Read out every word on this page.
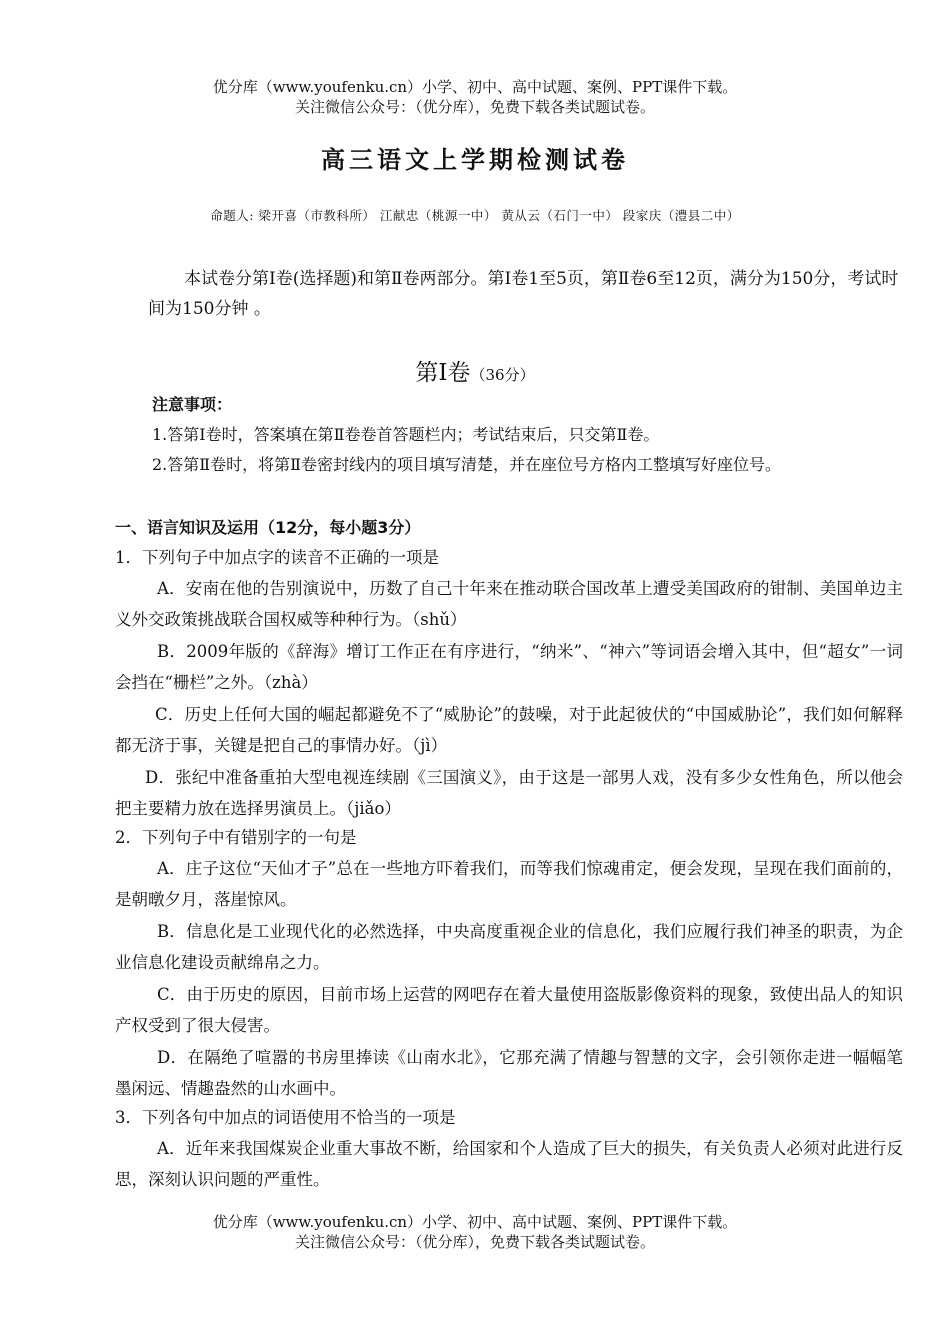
优分库（www.youfenku.cn）小学、初中、高中试题、案例、PPT课件下载。
关注微信公众号：（优分库），免费下载各类试题试卷。
高三语文上学期检测试卷
命题人: 梁开喜（市教科所） 江献忠（桃源一中） 黄从云（石门一中） 段家庆（澧县二中）
本试卷分第Ⅰ卷(选择题)和第Ⅱ卷两部分。第Ⅰ卷1至5页，第Ⅱ卷6至12页，满分为150分，考试时间为150分钟 。
第Ⅰ卷（36分）
注意事项：
1.答第Ⅰ卷时，答案填在第Ⅱ卷卷首答题栏内；考试结束后，只交第Ⅱ卷。
2.答第Ⅱ卷时，将第Ⅱ卷密封线内的项目填写清楚，并在座位号方格内工整填写好座位号。
一、语言知识及运用（12分，每小题3分）
1．下列句子中加点字的读音不正确的一项是
A．安南在他的告别演说中，历数了自己十年来在推动联合国改革上遭受美国政府的钳制、美国单边主义外交政策挑战联合国权威等种种行为。（shǔ）
B．2009年版的《辞海》增订工作正在有序进行，“纳米”、“神六”等词语会增入其中，但“超女”一词会挡在“栅栏”之外。（zhà）
C．历史上任何大国的崛起都避免不了“威胁论”的鼓噪，对于此起彼伏的“中国威胁论”，我们如何解释都无济于事，关键是把自己的事情办好。（jì）
D．张纪中准备重拍大型电视连续剧《三国演义》，由于这是一部男人戏，没有多少女性角色，所以他会把主要精力放在选择男演员上。（jiǎo）
2．下列句子中有错别字的一句是
A．庄子这位“天仙才子”总在一些地方吓着我们，而等我们惊魂甫定，便会发现，呈现在我们面前的，是朝暾夕月，落崖惊风。
B．信息化是工业现代化的必然选择，中央高度重视企业的信息化，我们应履行我们神圣的职责，为企业信息化建设贡献绵帛之力。
C．由于历史的原因，目前市场上运营的网吧存在着大量使用盗版影像资料的现象，致使出品人的知识产权受到了很大侵害。
D．在隔绝了喧嚣的书房里捧读《山南水北》，它那充满了情趣与智慧的文字，会引领你走进一幅幅笔墨闲远、情趣盎然的山水画中。
3．下列各句中加点的词语使用不恰当的一项是
A．近年来我国煤炭企业重大事故不断，给国家和个人造成了巨大的损失，有关负责人必须对此进行反思，深刻认识问题的严重性。
优分库（www.youfenku.cn）小学、初中、高中试题、案例、PPT课件下载。
关注微信公众号：（优分库），免费下载各类试题试卷。
